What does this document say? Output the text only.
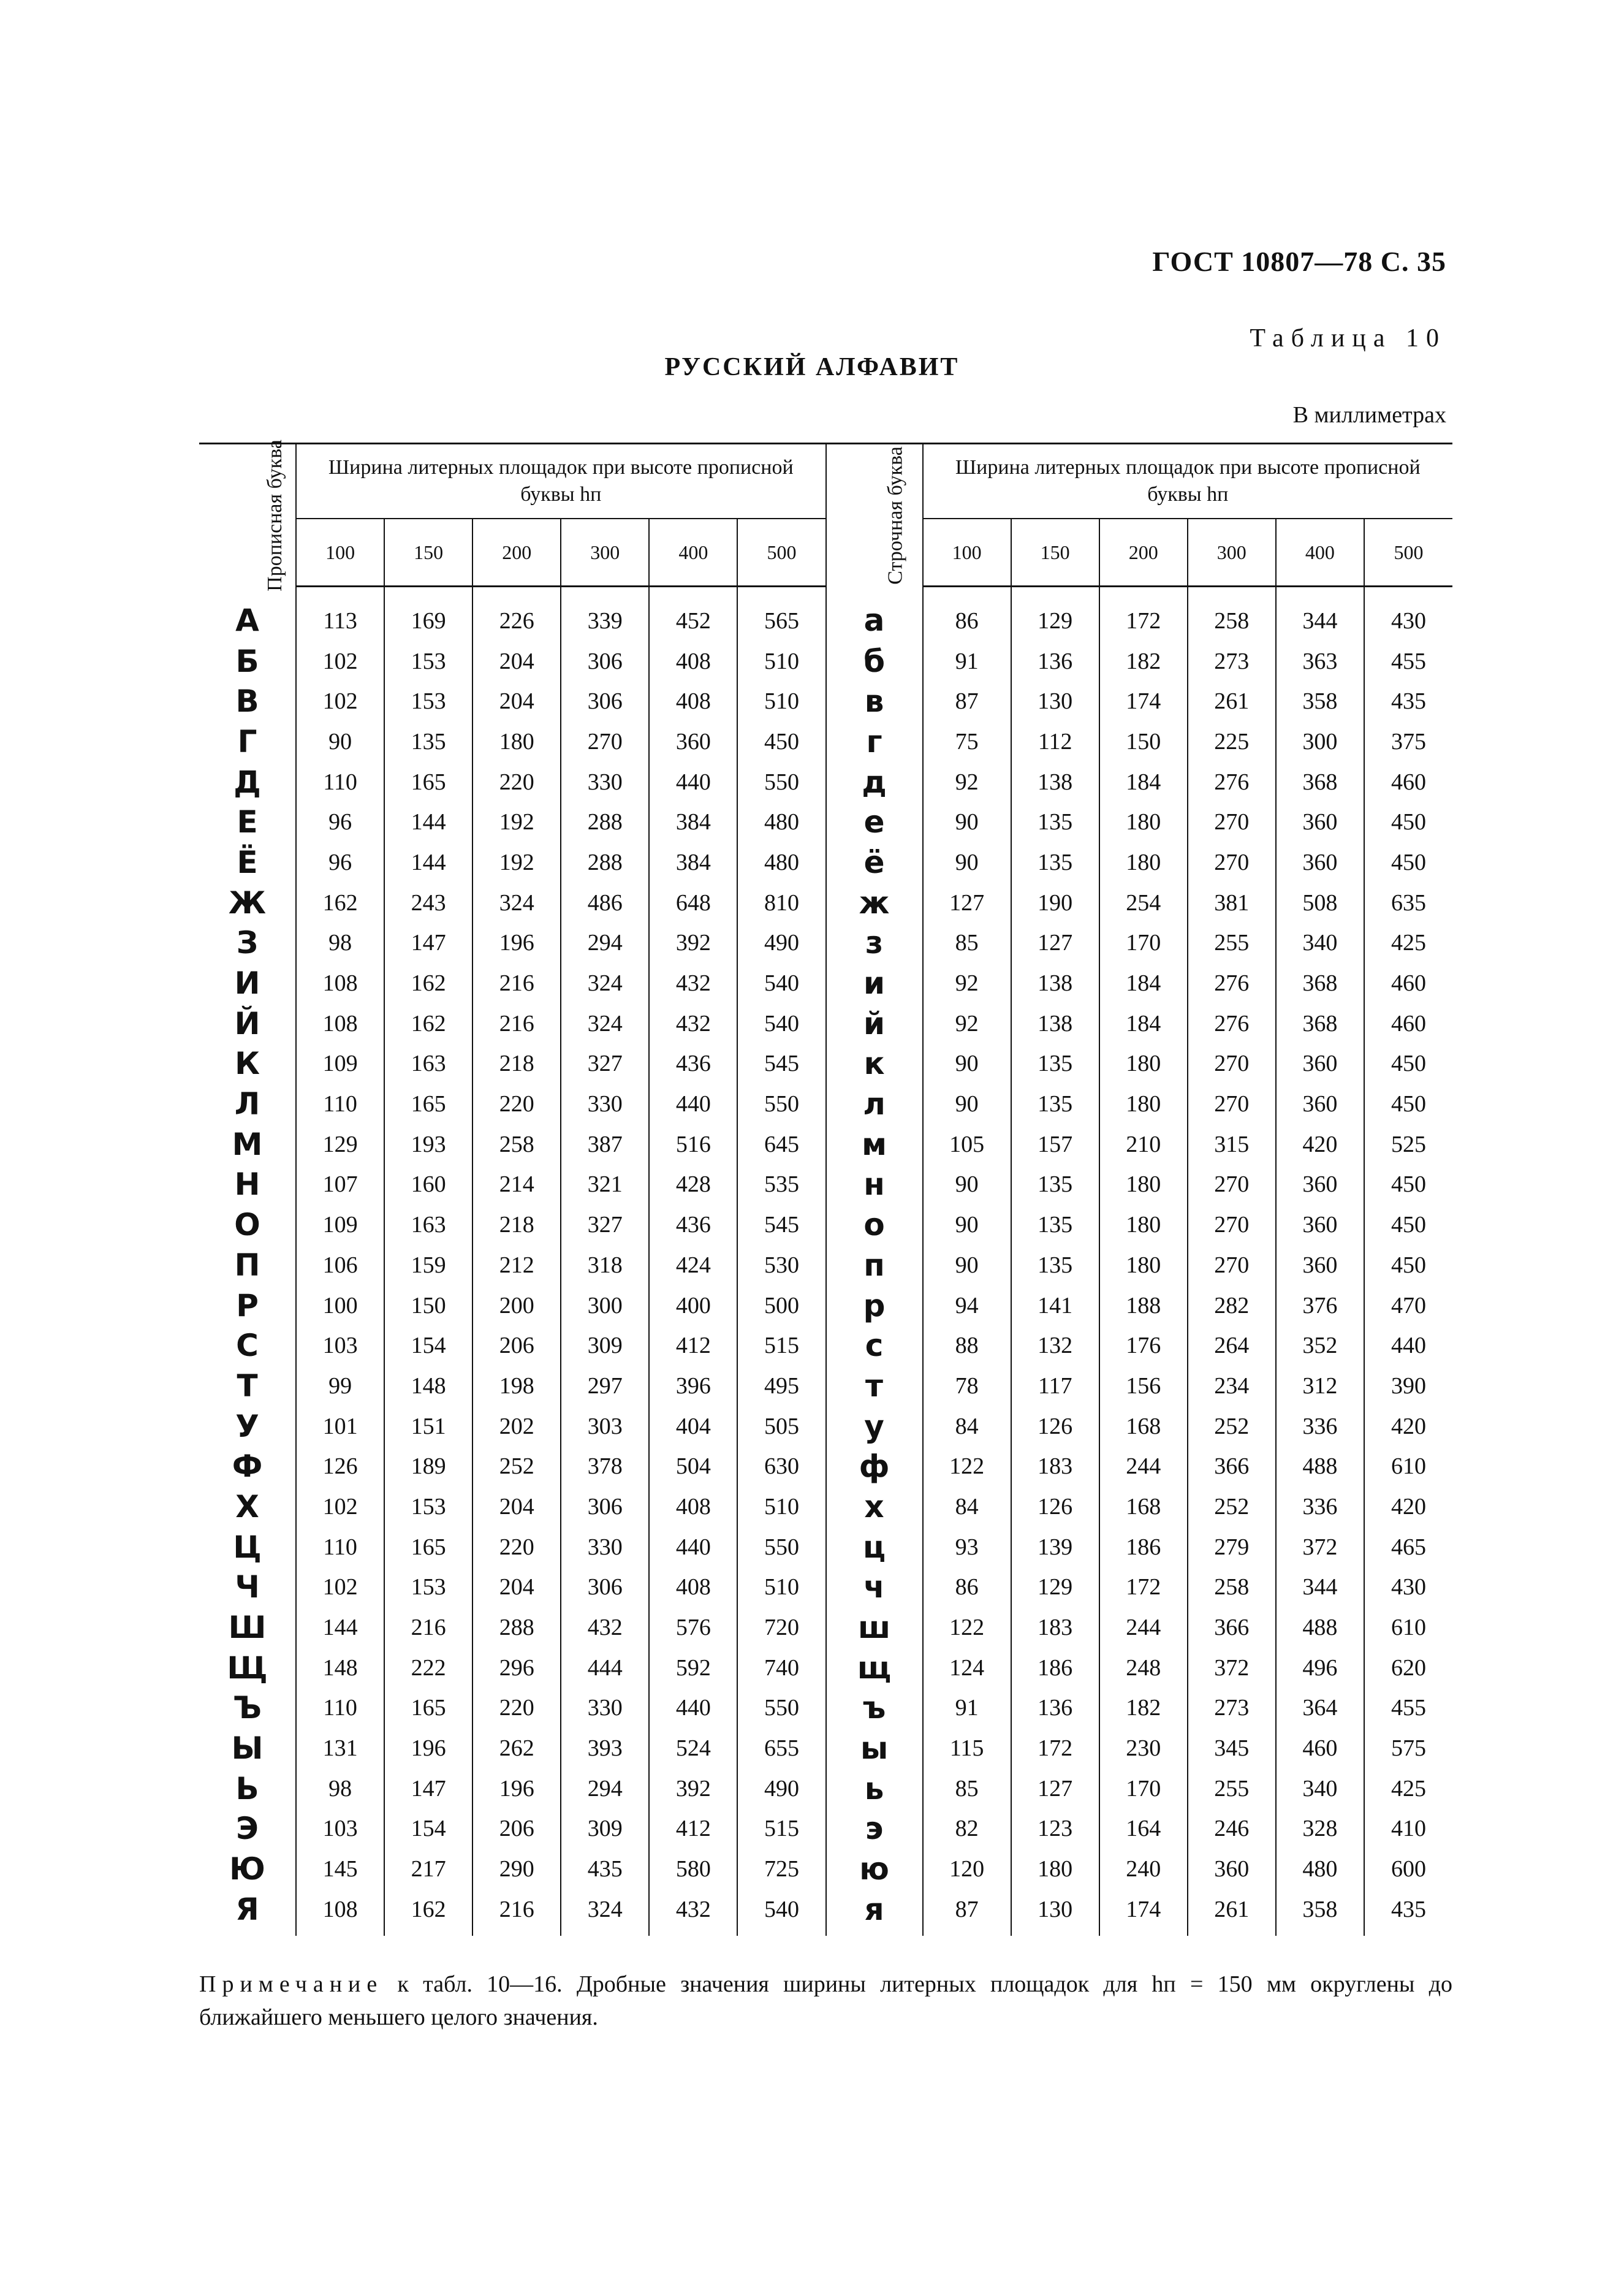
ГОСТ 10807—78 С. 35
Таблица 10
РУССКИЙ АЛФАВИТ
В миллиметрах
Прописная буква	Ширина литерных площадок при высоте прописной буквы hп						Строчная буква	Ширина литерных площадок при высоте прописной буквы hп					
	100	150	200	300	400	500		100	150	200	300	400	500
А	113	169	226	339	452	565	а	86	129	172	258	344	430
Б	102	153	204	306	408	510	б	91	136	182	273	363	455
В	102	153	204	306	408	510	в	87	130	174	261	358	435
Г	90	135	180	270	360	450	г	75	112	150	225	300	375
Д	110	165	220	330	440	550	д	92	138	184	276	368	460
Е	96	144	192	288	384	480	е	90	135	180	270	360	450
Ё	96	144	192	288	384	480	ё	90	135	180	270	360	450
Ж	162	243	324	486	648	810	ж	127	190	254	381	508	635
З	98	147	196	294	392	490	з	85	127	170	255	340	425
И	108	162	216	324	432	540	и	92	138	184	276	368	460
Й	108	162	216	324	432	540	й	92	138	184	276	368	460
К	109	163	218	327	436	545	к	90	135	180	270	360	450
Л	110	165	220	330	440	550	л	90	135	180	270	360	450
М	129	193	258	387	516	645	м	105	157	210	315	420	525
Н	107	160	214	321	428	535	н	90	135	180	270	360	450
О	109	163	218	327	436	545	о	90	135	180	270	360	450
П	106	159	212	318	424	530	п	90	135	180	270	360	450
Р	100	150	200	300	400	500	р	94	141	188	282	376	470
С	103	154	206	309	412	515	с	88	132	176	264	352	440
Т	99	148	198	297	396	495	т	78	117	156	234	312	390
У	101	151	202	303	404	505	у	84	126	168	252	336	420
Ф	126	189	252	378	504	630	ф	122	183	244	366	488	610
Х	102	153	204	306	408	510	х	84	126	168	252	336	420
Ц	110	165	220	330	440	550	ц	93	139	186	279	372	465
Ч	102	153	204	306	408	510	ч	86	129	172	258	344	430
Ш	144	216	288	432	576	720	ш	122	183	244	366	488	610
Щ	148	222	296	444	592	740	щ	124	186	248	372	496	620
Ъ	110	165	220	330	440	550	ъ	91	136	182	273	364	455
Ы	131	196	262	393	524	655	ы	115	172	230	345	460	575
Ь	98	147	196	294	392	490	ь	85	127	170	255	340	425
Э	103	154	206	309	412	515	э	82	123	164	246	328	410
Ю	145	217	290	435	580	725	ю	120	180	240	360	480	600
Я	108	162	216	324	432	540	я	87	130	174	261	358	435
Примечание к табл. 10—16. Дробные значения ширины литерных площадок для hп = 150 мм округлены до ближайшего меньшего целого значения.
